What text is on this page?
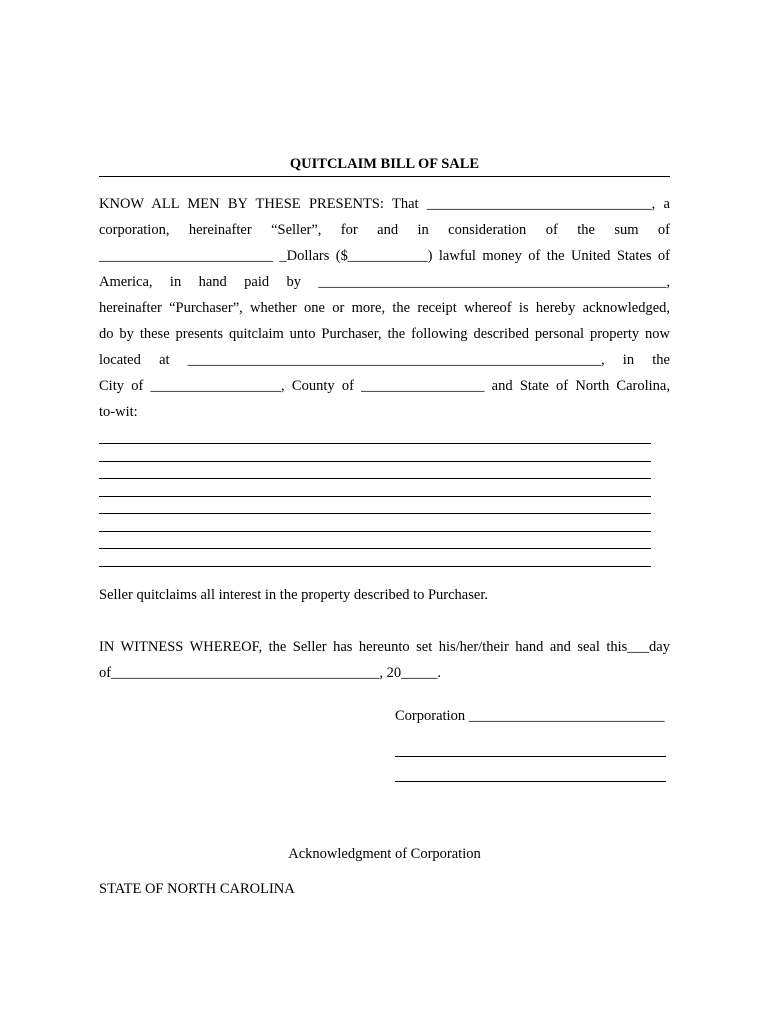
QUITCLAIM BILL OF SALE
KNOW ALL MEN BY THESE PRESENTS: That _______________________________, a
corporation, hereinafter “Seller”, for and in consideration of the sum of
________________________ _Dollars ($___________) lawful money of the United States of
America, in hand paid by ________________________________________________,
hereinafter “Purchaser”, whether one or more, the receipt whereof is hereby acknowledged,
do by these presents quitclaim unto Purchaser, the following described personal property now
located at _________________________________________________________, in the
City of __________________, County of _________________ and State of North Carolina,
to-wit:
Seller quitclaims all interest in the property described to Purchaser.
IN WITNESS WHEREOF, the Seller has hereunto set his/her/their hand and seal this___day
of_____________________________________, 20_____.
Corporation ___________________________
Acknowledgment of Corporation
STATE OF NORTH CAROLINA
